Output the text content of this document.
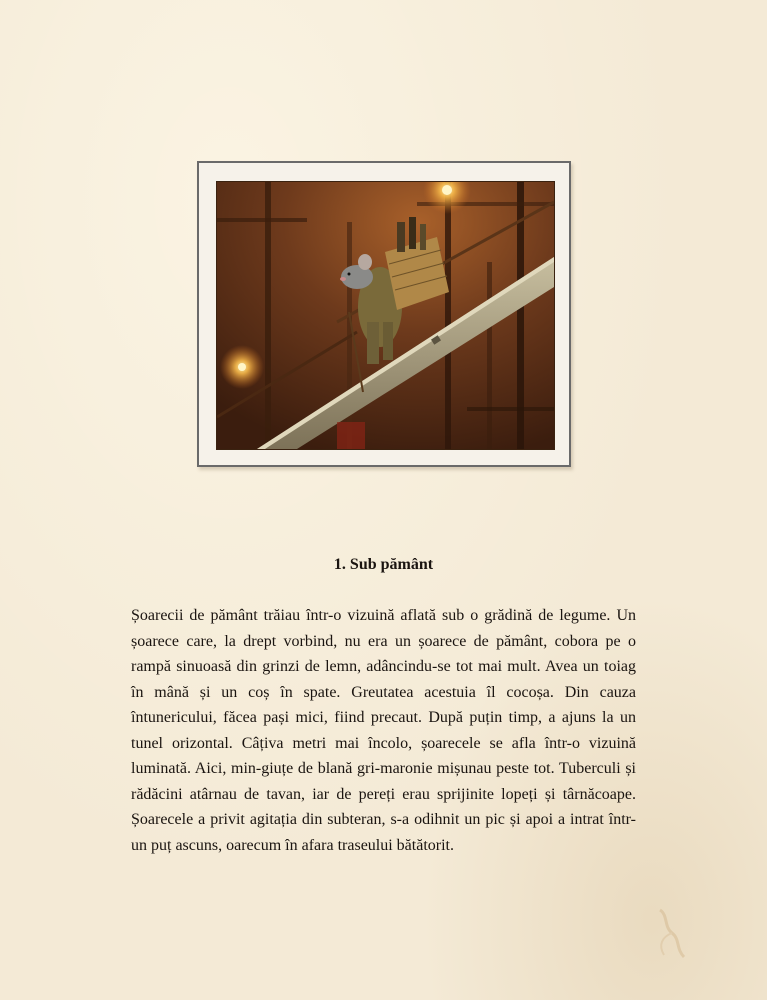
1. Sub pământ

Șoarecii de pământ trăiau într-o vizuină aflată sub o grădină de legume. Un șoarece care, la drept vorbind, nu era un șoarece de pământ, cobora pe o rampă sinuoasă din grinzi de lemn, adâncindu-se tot mai mult. Avea un toiag în mână și un coș în spate. Greutatea acestuia îl cocoșa. Din cauza întunericului, făcea pași mici, fiind precaut. După puțin timp, a ajuns la un tunel orizontal. Câțiva metri mai încolo, șoarecele se afla într-o vizuină luminată. Aici, min-giuțe de blană gri-maronie mișunau peste tot. Tuberculi și rădăcini atârnau de tavan, iar de pereți erau sprijinite lopeți și târnăcoape. Șoarecele a privit agitația din subteran, s-a odihnit un pic și apoi a intrat într-un puț ascuns, oarecum în afara traseului bătătorit.
